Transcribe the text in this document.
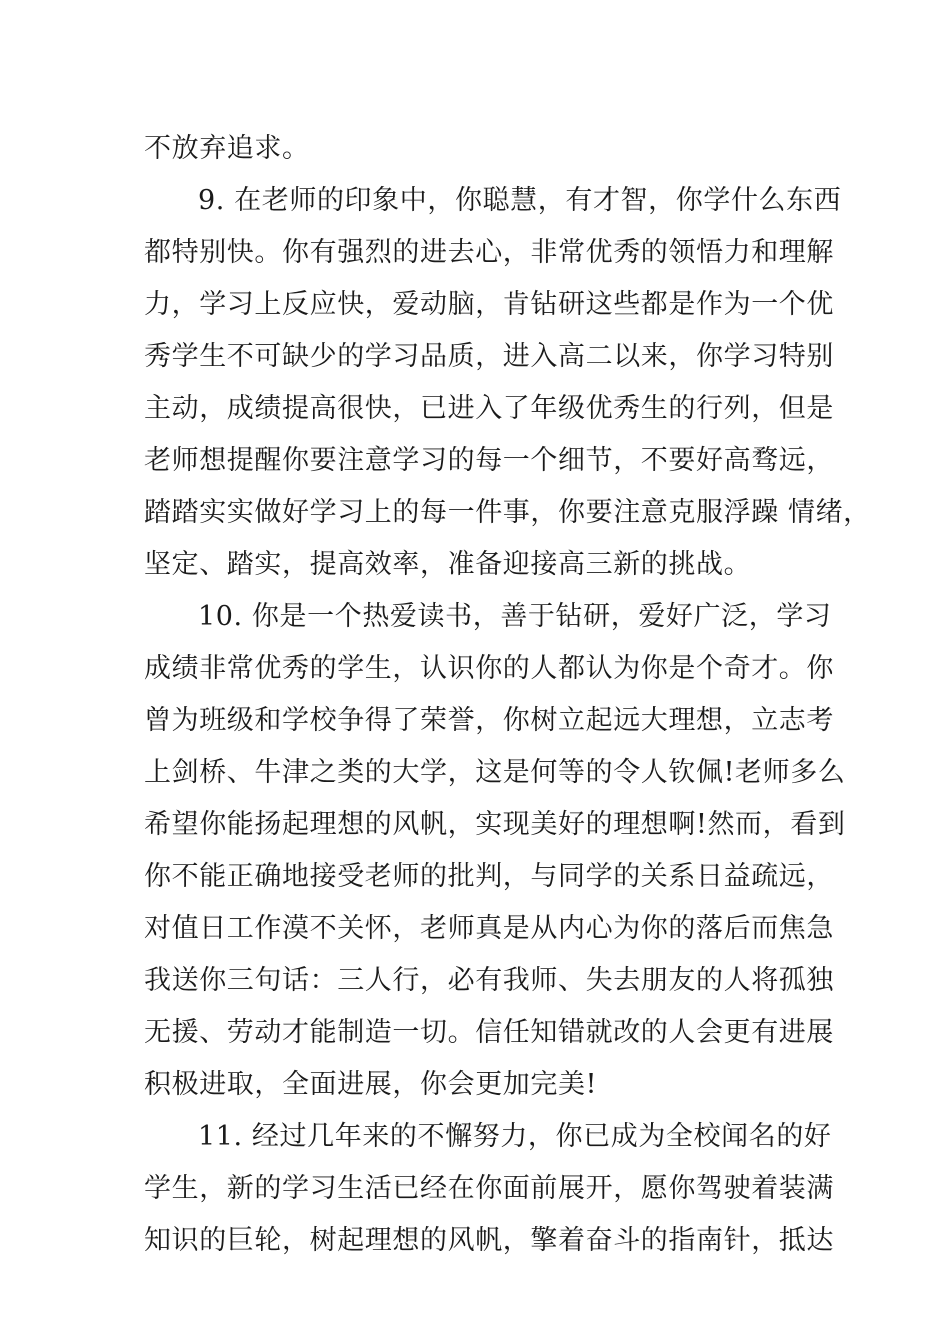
不放弃追求。
9. 在老师的印象中，你聪慧，有才智，你学什么东西
都特别快。你有强烈的进去心，非常优秀的领悟力和理解
力，学习上反应快，爱动脑，肯钻研这些都是作为一个优
秀学生不可缺少的学习品质，进入高二以来，你学习特别
主动，成绩提高很快，已进入了年级优秀生的行列，但是
老师想提醒你要注意学习的每一个细节，不要好高骛远，
踏踏实实做好学习上的每一件事，你要注意克服浮躁 情绪，
坚定、踏实，提高效率，准备迎接高三新的挑战。
10. 你是一个热爱读书，善于钻研，爱好广泛，学习
成绩非常优秀的学生，认识你的人都认为你是个奇才。你
曾为班级和学校争得了荣誉，你树立起远大理想，立志考
上剑桥、牛津之类的大学，这是何等的令人钦佩!老师多么
希望你能扬起理想的风帆，实现美好的理想啊!然而，看到
你不能正确地接受老师的批判，与同学的关系日益疏远，
对值日工作漠不关怀，老师真是从内心为你的落后而焦急
我送你三句话：三人行，必有我师、失去朋友的人将孤独
无援、劳动才能制造一切。信任知错就改的人会更有进展
积极进取，全面进展，你会更加完美!
11. 经过几年来的不懈努力，你已成为全校闻名的好
学生，新的学习生活已经在你面前展开，愿你驾驶着装满
知识的巨轮，树起理想的风帆，擎着奋斗的指南针，抵达
